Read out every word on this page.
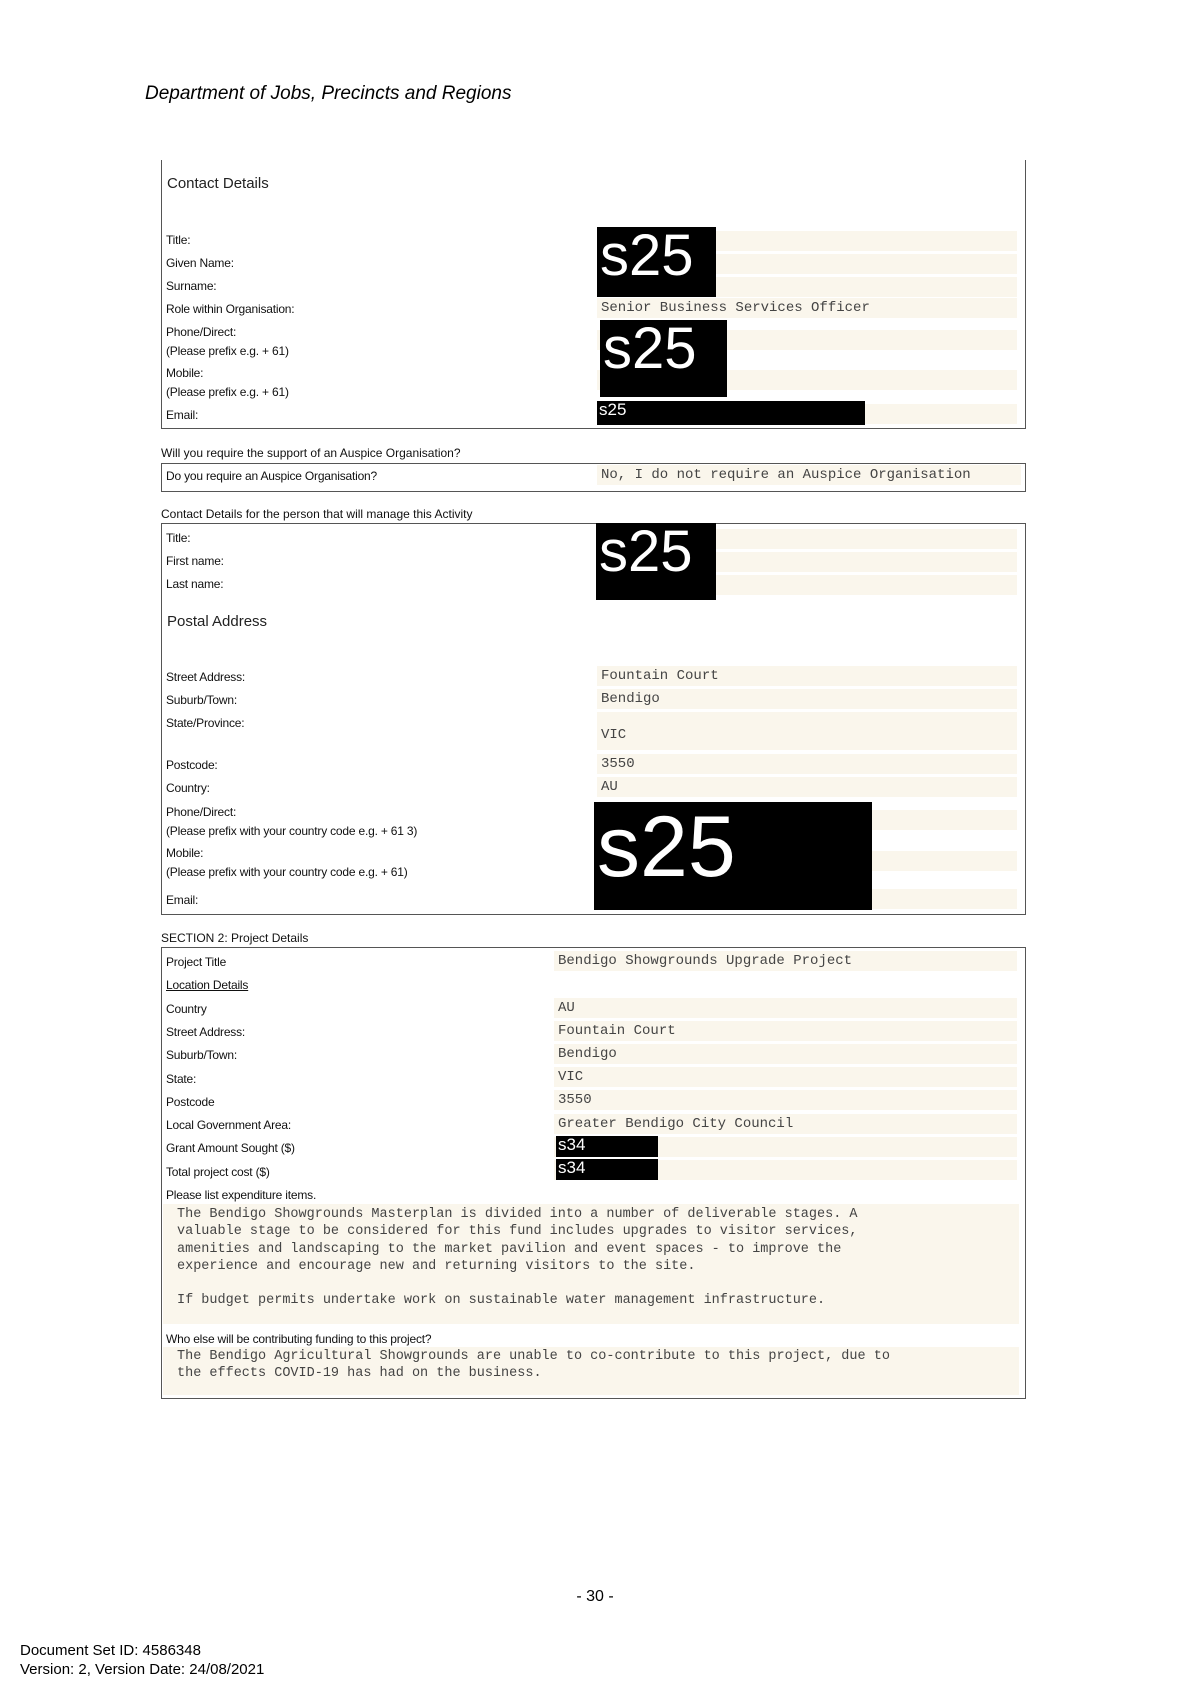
Department of Jobs, Precincts and Regions
Contact Details
Title:
Given Name:
Surname:
Role within Organisation:
Phone/Direct:
(Please prefix e.g. + 61)
Mobile:
(Please prefix e.g. + 61)
Email:
Senior Business Services Officer
s25
s25
s25
Will you require the support of an Auspice Organisation?
Do you require an Auspice Organisation?	No, I do not require an Auspice Organisation
Contact Details for the person that will manage this Activity
Title:
First name:
Last name:	s25
Postal Address
Street Address:
Suburb/Town:
State/Province:
Postcode:
Country:
Phone/Direct:
(Please prefix with your country code e.g. + 61 3)
Mobile:
(Please prefix with your country code e.g. + 61)
Email:
Fountain Court
Bendigo
VIC
3550
AU
s25
SECTION 2: Project Details
Project Title
Location Details
Country
Street Address:
Suburb/Town:
State:
Postcode
Local Government Area:
Grant Amount Sought ($)
Total project cost ($)
Please list expenditure items.
Bendigo Showgrounds Upgrade Project
AU
Fountain Court
Bendigo
VIC
3550
Greater Bendigo City Council
s34
s34
The Bendigo Showgrounds Masterplan is divided into a number of deliverable stages. A
valuable stage to be considered for this fund includes upgrades to visitor services,
amenities and landscaping to the market pavilion and event spaces - to improve the
experience and encourage new and returning visitors to the site.

If budget permits undertake work on sustainable water management infrastructure.
Who else will be contributing funding to this project?
The Bendigo Agricultural Showgrounds are unable to co-contribute to this project, due to
the effects COVID-19 has had on the business.
- 30 -
Document Set ID: 4586348
Version: 2, Version Date: 24/08/2021
